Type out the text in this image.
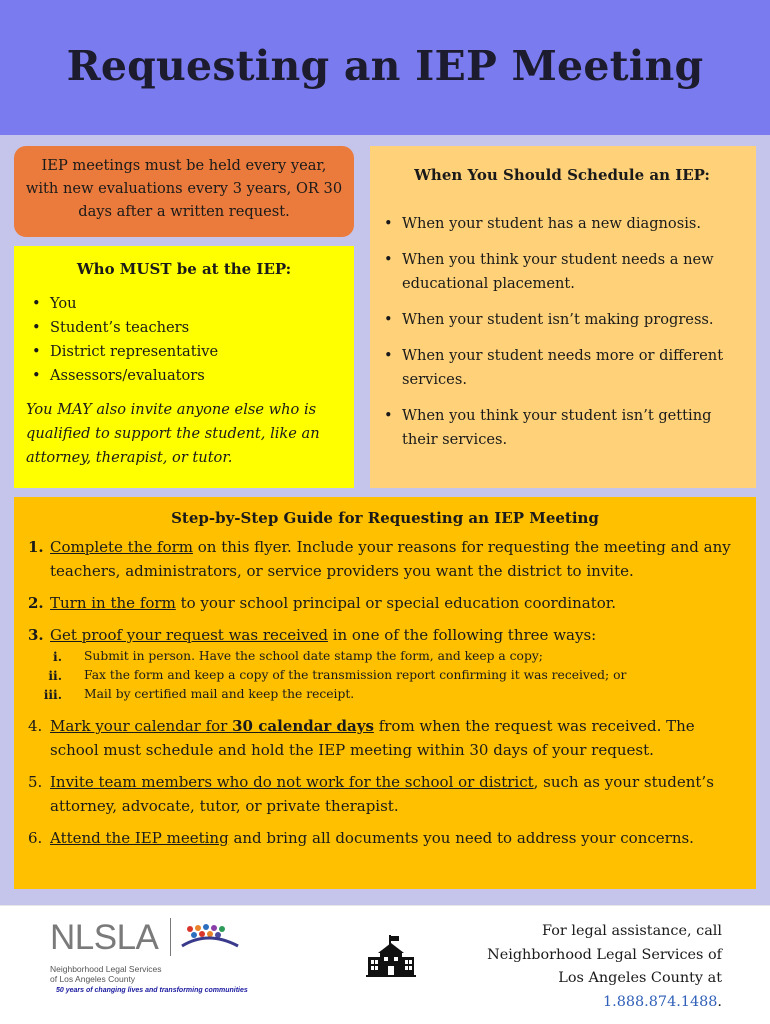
Requesting an IEP Meeting
IEP meetings must be held every year, with new evaluations every 3 years, OR 30 days after a written request.
Who MUST be at the IEP:
• You
• Student’s teachers
• District representative
• Assessors/evaluators

You MAY also invite anyone else who is qualified to support the student, like an attorney, therapist, or tutor.

When You Should Schedule an IEP:
• When your student has a new diagnosis.
• When you think your student needs a new educational placement.
• When your student isn’t making progress.
• When your student needs more or different services.
• When you think your student isn’t getting their services.
Step-by-Step Guide for Requesting an IEP Meeting
1. Complete the form on this flyer. Include your reasons for requesting the meeting and any teachers, administrators, or service providers you want the district to invite.
2. Turn in the form to your school principal or special education coordinator.
3. Get proof your request was received in one of the following three ways:
i. Submit in person. Have the school date stamp the form, and keep a copy;
ii. Fax the form and keep a copy of the transmission report confirming it was received; or
iii. Mail by certified mail and keep the receipt.
4. Mark your calendar for 30 calendar days from when the request was received. The school must schedule and hold the IEP meeting within 30 days of your request.
5. Invite team members who do not work for the school or district, such as your student’s attorney, advocate, tutor, or private therapist.
6. Attend the IEP meeting and bring all documents you need to address your concerns.
NLSLA
Neighborhood Legal Services
of Los Angeles County
50 years of changing lives and transforming communities
For legal assistance, call
Neighborhood Legal Services of
Los Angeles County at
1.888.874.1488.
